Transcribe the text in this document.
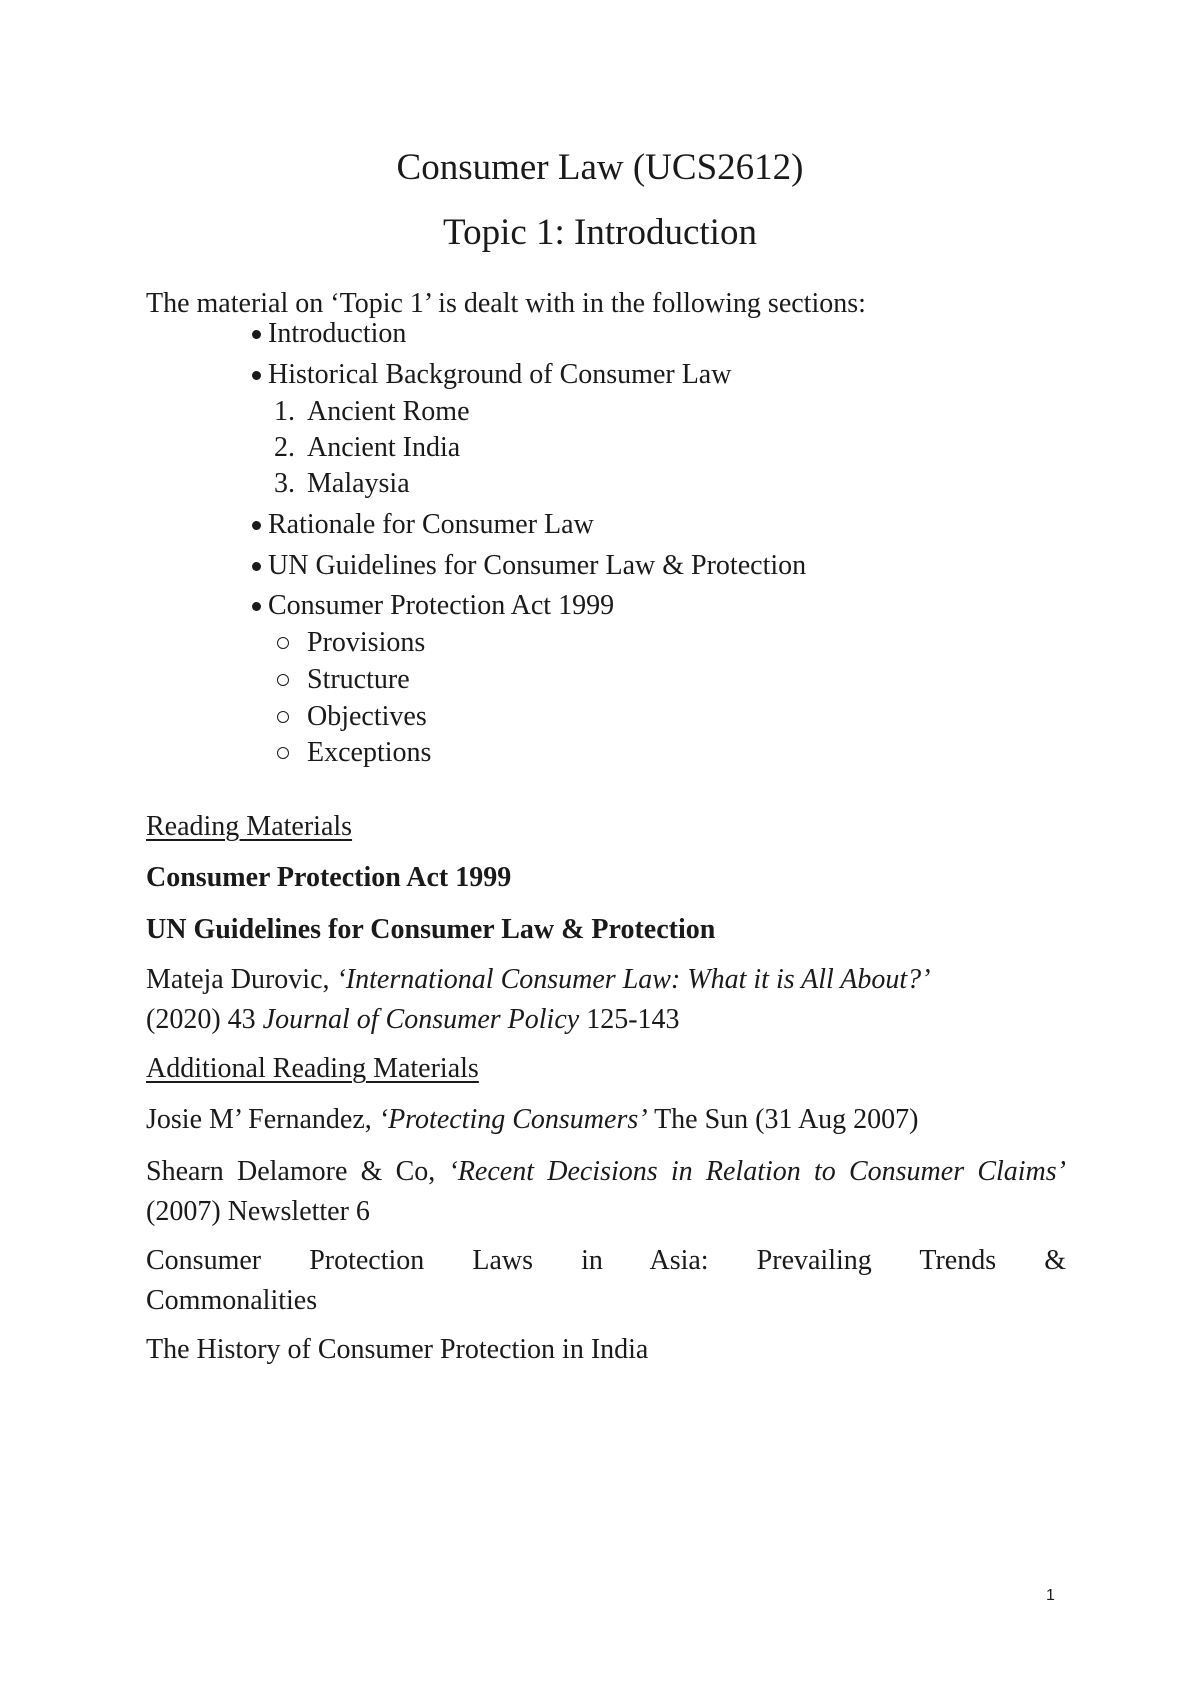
Consumer Law (UCS2612)
Topic 1: Introduction

The material on ‘Topic 1’ is dealt with in the following sections:

Introduction
Historical Background of Consumer Law
1. Ancient Rome
2. Ancient India
3. Malaysia
Rationale for Consumer Law
UN Guidelines for Consumer Law & Protection
Consumer Protection Act 1999
Provisions
Structure
Objectives
Exceptions

Reading Materials

Consumer Protection Act 1999

UN Guidelines for Consumer Law & Protection

Mateja Durovic, ‘International Consumer Law: What it is All About?’
(2020) 43 Journal of Consumer Policy 125-143

Additional Reading Materials

Josie M’ Fernandez, ‘Protecting Consumers’ The Sun (31 Aug 2007)

Shearn Delamore & Co, ‘Recent Decisions in Relation to Consumer Claims’ (2007) Newsletter 6

Consumer Protection Laws in Asia: Prevailing Trends & Commonalities

The History of Consumer Protection in India

1
